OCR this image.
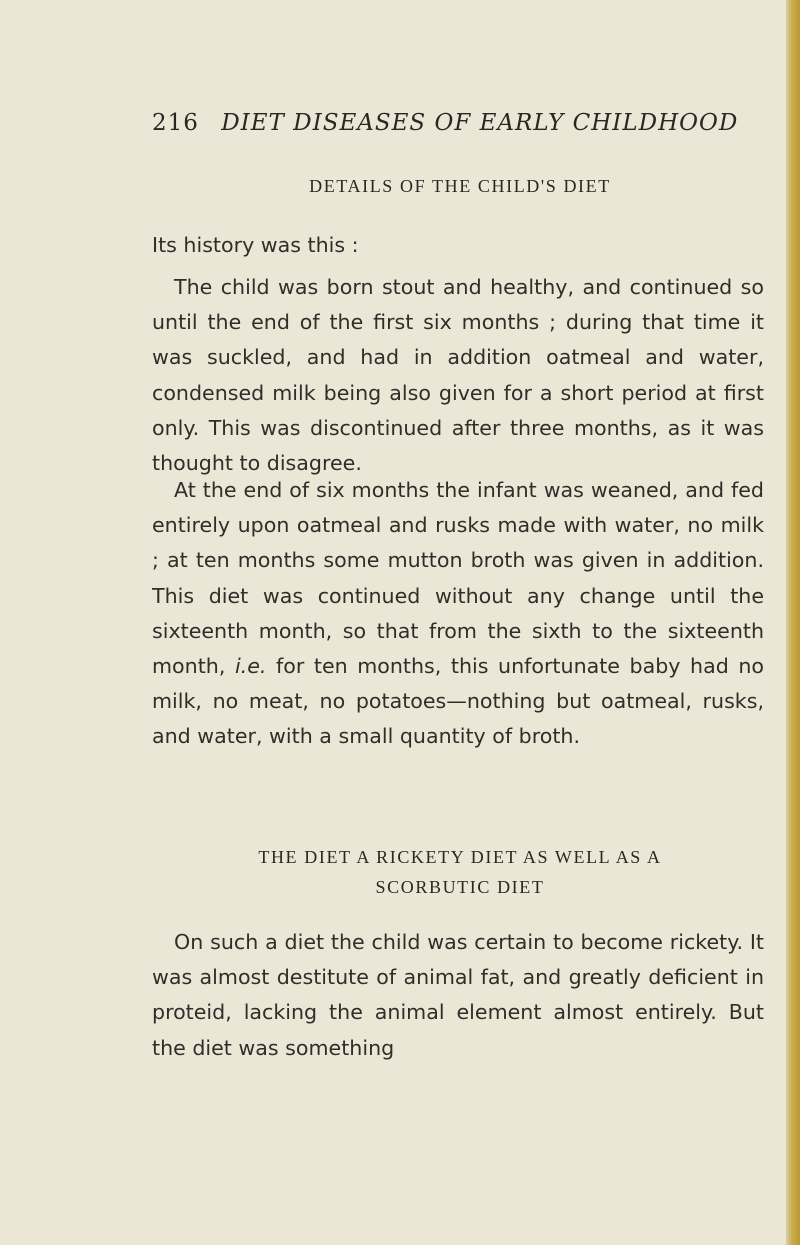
216 DIET DISEASES OF EARLY CHILDHOOD
DETAILS OF THE CHILD'S DIET

Its history was this :

The child was born stout and healthy, and continued so until the end of the first six months ; during that time it was suckled, and had in addition oatmeal and water, condensed milk being also given for a short period at first only. This was discontinued after three months, as it was thought to disagree.

At the end of six months the infant was weaned, and fed entirely upon oatmeal and rusks made with water, no milk ; at ten months some mutton broth was given in addition. This diet was continued without any change until the sixteenth month, so that from the sixth to the sixteenth month, i.e. for ten months, this unfortunate baby had no milk, no meat, no potatoes—nothing but oatmeal, rusks, and water, with a small quantity of broth.

THE DIET A RICKETY DIET AS WELL AS A
SCORBUTIC DIET

On such a diet the child was certain to become rickety. It was almost destitute of animal fat, and greatly deficient in proteid, lacking the animal element almost entirely. But the diet was something
